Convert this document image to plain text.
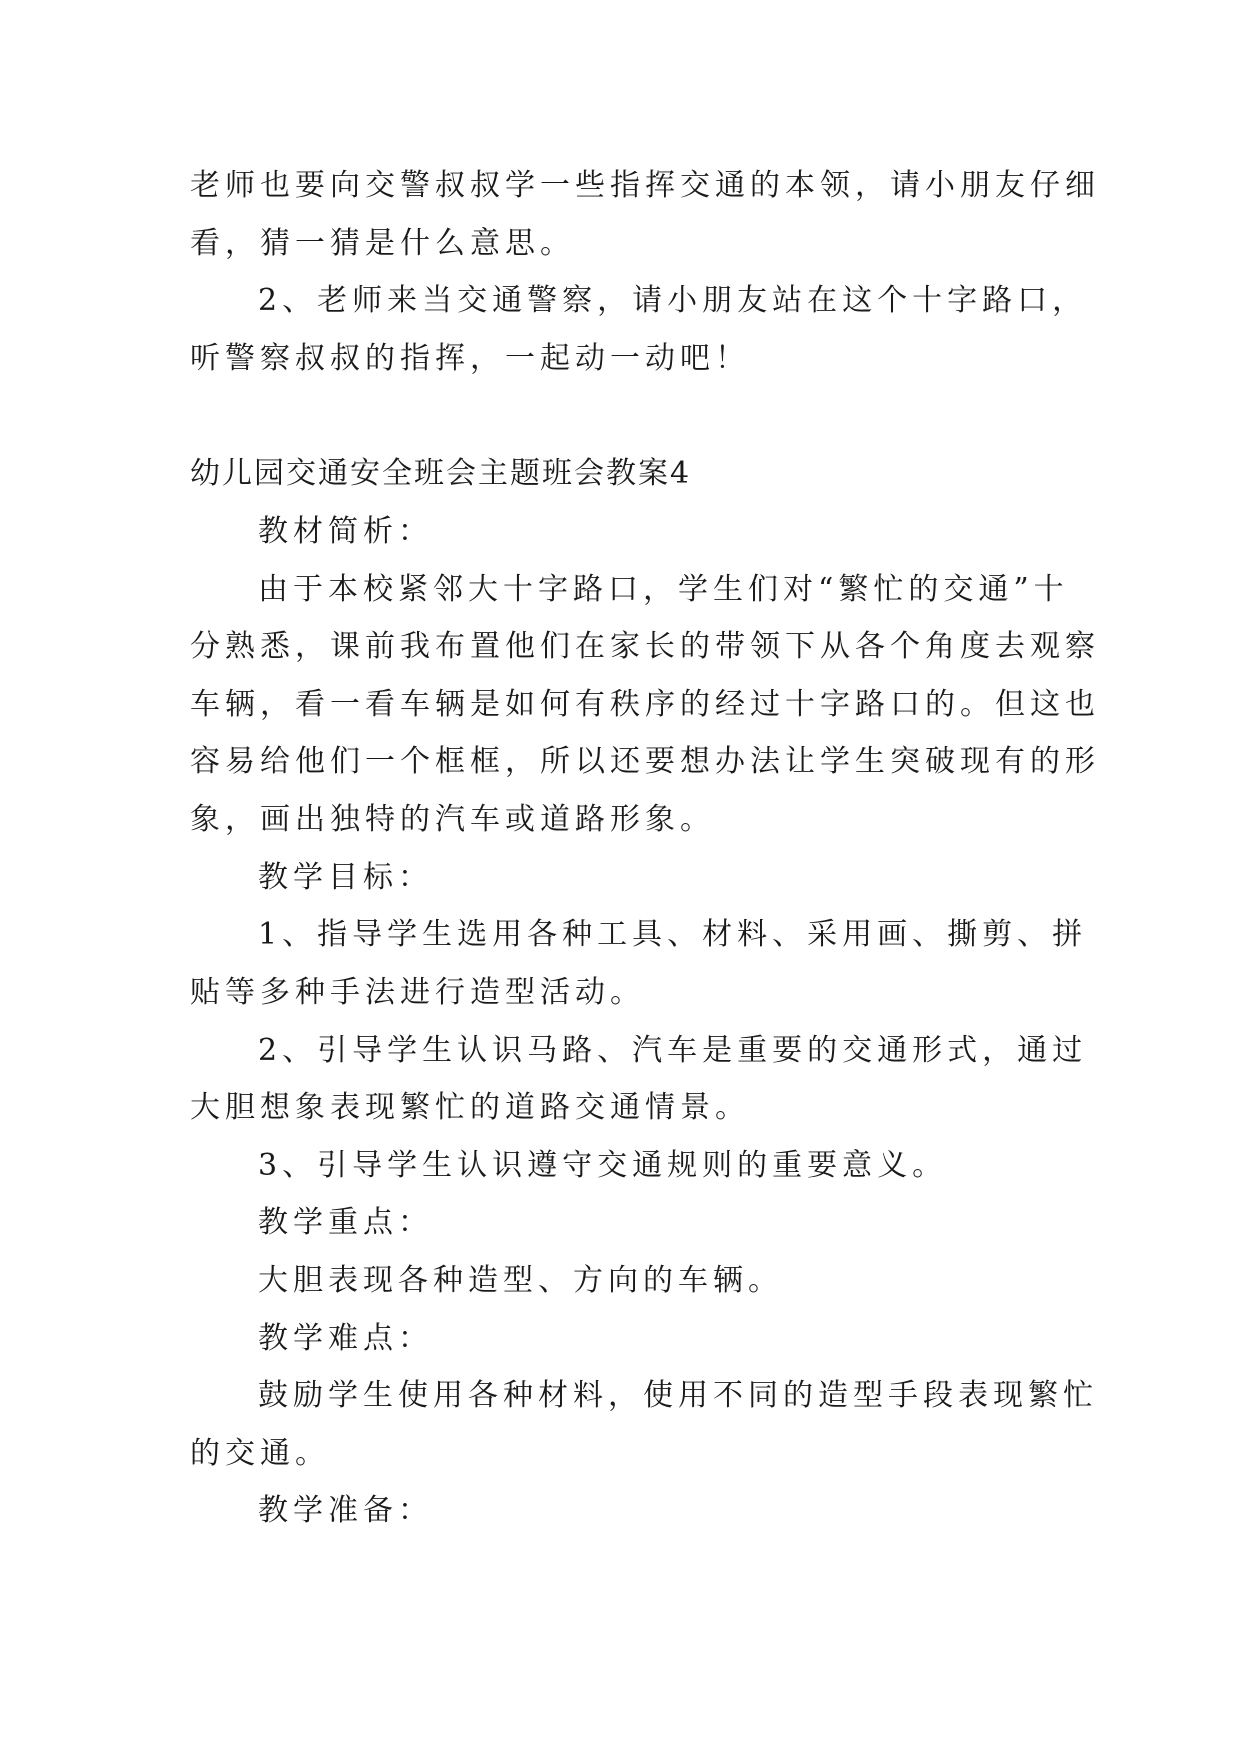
老师也要向交警叔叔学一些指挥交通的本领，请小朋友仔细
看，猜一猜是什么意思。
2、老师来当交通警察，请小朋友站在这个十字路口，
听警察叔叔的指挥，一起动一动吧！
幼儿园交通安全班会主题班会教案4
教材简析：
由于本校紧邻大十字路口，学生们对“繁忙的交通”十
分熟悉，课前我布置他们在家长的带领下从各个角度去观察
车辆，看一看车辆是如何有秩序的经过十字路口的。但这也
容易给他们一个框框，所以还要想办法让学生突破现有的形
象，画出独特的汽车或道路形象。
教学目标：
1、指导学生选用各种工具、材料、采用画、撕剪、拼
贴等多种手法进行造型活动。
2、引导学生认识马路、汽车是重要的交通形式，通过
大胆想象表现繁忙的道路交通情景。
3、引导学生认识遵守交通规则的重要意义。
教学重点：
大胆表现各种造型、方向的车辆。
教学难点：
鼓励学生使用各种材料，使用不同的造型手段表现繁忙
的交通。
教学准备：
